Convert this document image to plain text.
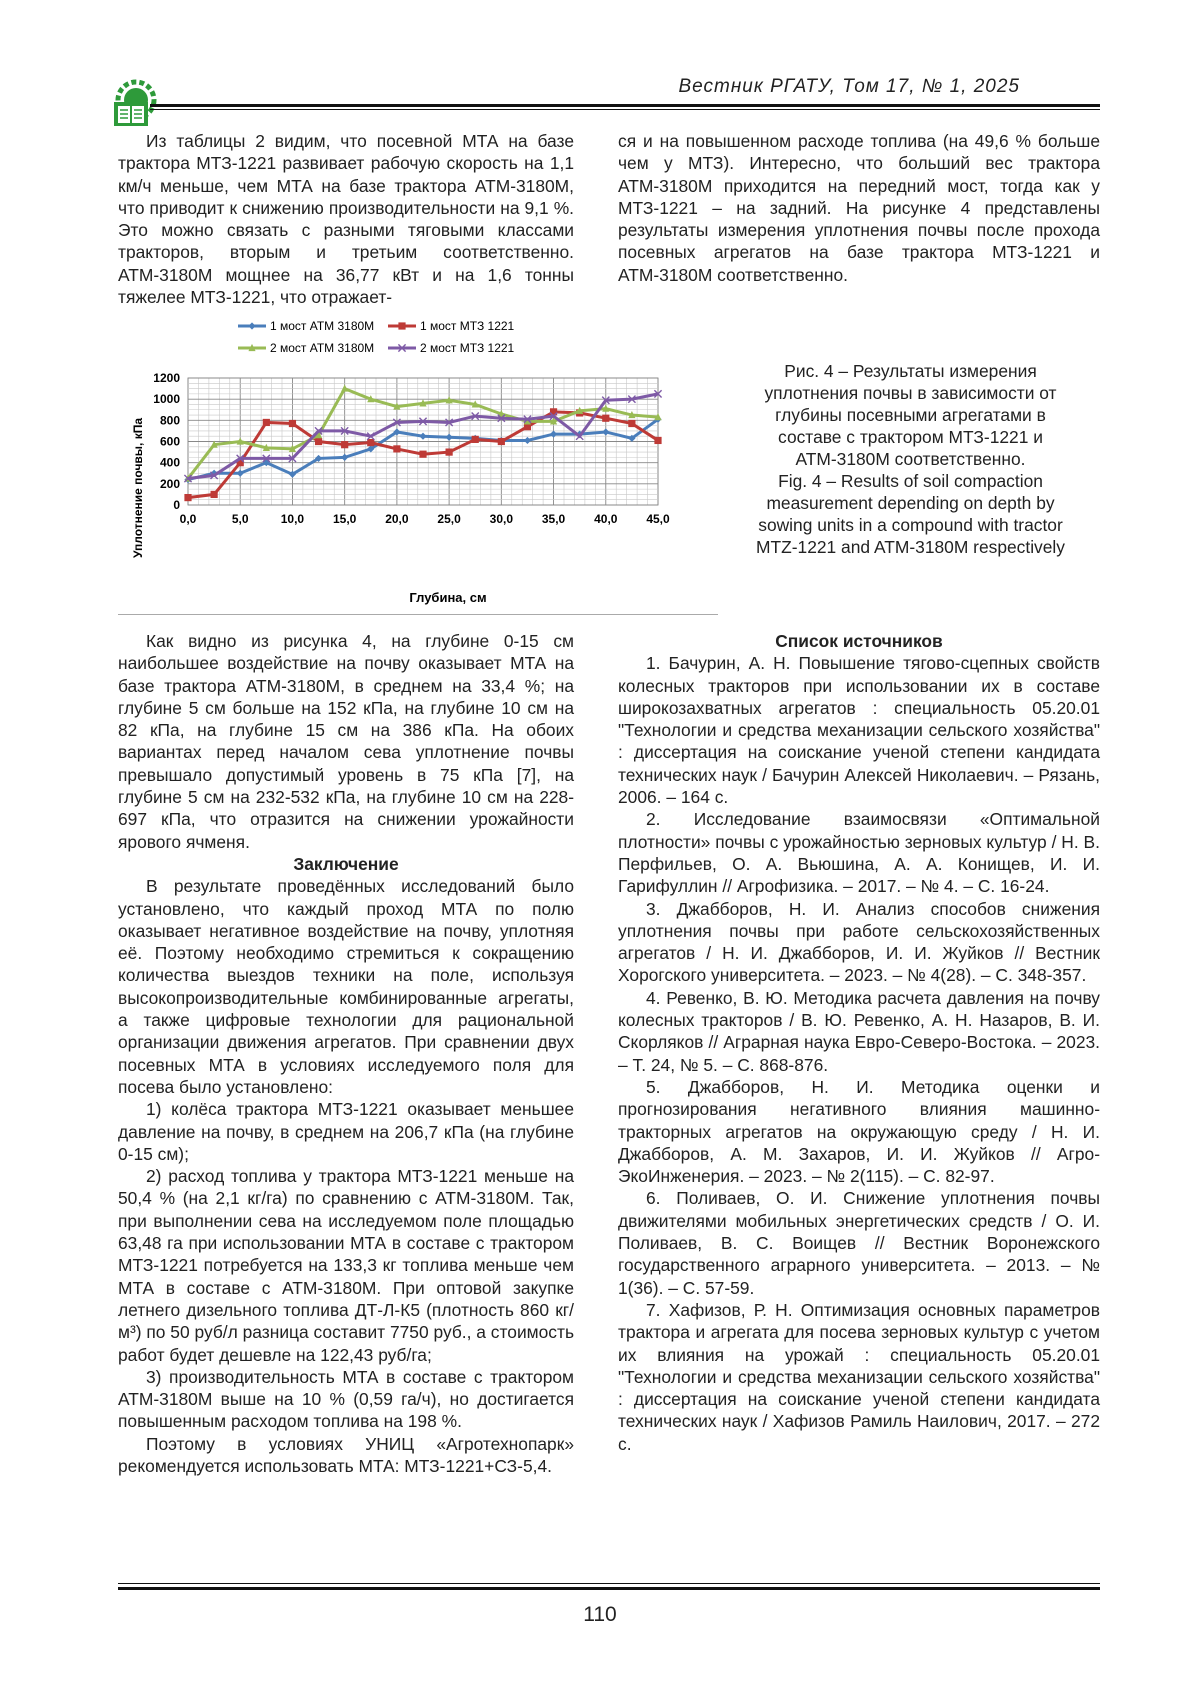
Вестник РГАТУ, Том 17, № 1, 2025

Из таблицы 2 видим, что посевной МТА на базе трактора МТЗ-1221 развивает рабочую скорость на 1,1 км/ч меньше, чем МТА на базе трактора АТМ-3180М, что приводит к снижению производительности на 9,1 %. Это можно связать с разными тяговыми классами тракторов, вторым и третьим соответственно. АТМ-3180М мощнее на 36,77 кВт и на 1,6 тонны тяжелее МТЗ-1221, что отражает-

ся и на повышенном расходе топлива (на 49,6 % больше чем у МТЗ). Интересно, что больший вес трактора АТМ-3180М приходится на передний мост, тогда как у МТЗ-1221 – на задний. На рисунке 4 представлены результаты измерения уплотнения почвы после прохода посевных агрегатов на базе трактора МТЗ-1221 и АТМ-3180М соответственно.

1 мост АТМ 3180М	1 мост МТЗ 1221
2 мост АТМ 3180М	2 мост МТЗ 1221
0,0	5,0	10,0 15,0 20,0 25,0 30,0 35,0 40,0 45,0
0
200
400
600
800
1000
1200
Глубина, см
Уплотнение почвы, кПа
Рис. 4 – Результаты измерения уплотнения почвы в зависимости от глубины посевными агрегатами в составе с трактором МТЗ-1221 и АТМ-3180М соответственно.
Fig. 4 – Results of soil compaction measurement depending on depth by sowing units in a compound with tractor MTZ-1221 and ATM-3180M respectively

Как видно из рисунка 4, на глубине 0-15 см наибольшее воздействие на почву оказывает МТА на базе трактора АТМ-3180М, в среднем на 33,4 %; на глубине 5 см больше на 152 кПа, на глубине 10 см на 82 кПа, на глубине 15 см на 386 кПа. На обоих вариантах перед началом сева уплотнение почвы превышало допустимый уровень в 75 кПа [7], на глубине 5 см на 232-532 кПа, на глубине 10 см на 228-697 кПа, что отразится на снижении урожайности ярового ячменя.

Заключение

В результате проведённых исследований было установлено, что каждый проход МТА по полю оказывает негативное воздействие на почву, уплотняя её. Поэтому необходимо стремиться к сокращению количества выездов техники на поле, используя высокопроизводительные комбинированные агрегаты, а также цифровые технологии для рациональной организации движения агрегатов. При сравнении двух посевных МТА в условиях исследуемого поля для посева было установлено:

1) колёса трактора МТЗ-1221 оказывает меньшее давление на почву, в среднем на 206,7 кПа (на глубине 0-15 см);

2) расход топлива у трактора МТЗ-1221 меньше на 50,4 % (на 2,1 кг/га) по сравнению с АТМ-3180М. Так, при выполнении сева на исследуемом поле площадью 63,48 га при использовании МТА в составе с трактором МТЗ-1221 потребуется на 133,3 кг топлива меньше чем МТА в составе с АТМ-3180М. При оптовой закупке летнего дизельного топлива ДТ-Л-К5 (плотность 860 кг/м³) по 50 руб/л разница составит 7750 руб., а стоимость работ будет дешевле на 122,43 руб/га;

3) производительность МТА в составе с трактором АТМ-3180М выше на 10 % (0,59 га/ч), но достигается повышенным расходом топлива на 198 %.

Поэтому в условиях УНИЦ «Агротехнопарк» рекомендуется использовать МТА: МТЗ-1221+СЗ-5,4.

Список источников

1. Бачурин, А. Н. Повышение тягово-сцепных свойств колесных тракторов при использовании их в составе широкозахватных агрегатов : специальность 05.20.01 "Технологии и средства механизации сельского хозяйства" : диссертация на соискание ученой степени кандидата технических наук / Бачурин Алексей Николаевич. – Рязань, 2006. – 164 с.

2. Исследование взаимосвязи «Оптимальной плотности» почвы с урожайностью зерновых культур / Н. В. Перфильев, О. А. Вьюшина, А. А. Конищев, И. И. Гарифуллин // Агрофизика. – 2017. – № 4. – С. 16-24.

3. Джабборов, Н. И. Анализ способов снижения уплотнения почвы при работе сельскохозяйственных агрегатов / Н. И. Джабборов, И. И. Жуйков // Вестник Хорогского университета. – 2023. – № 4(28). – С. 348-357.

4. Ревенко, В. Ю. Методика расчета давления на почву колесных тракторов / В. Ю. Ревенко, А. Н. Назаров, В. И. Скорляков // Аграрная наука Евро-Северо-Востока. – 2023. – Т. 24, № 5. – С. 868-876.

5. Джабборов, Н. И. Методика оценки и прогнозирования негативного влияния машинно-тракторных агрегатов на окружающую среду / Н. И. Джабборов, А. М. Захаров, И. И. Жуйков // Агро-ЭкоИнженерия. – 2023. – № 2(115). – С. 82-97.

6. Поливаев, О. И. Снижение уплотнения почвы движителями мобильных энергетических средств / О. И. Поливаев, В. С. Воищев // Вестник Воронежского государственного аграрного университета. – 2013. – № 1(36). – С. 57-59.

7. Хафизов, Р. Н. Оптимизация основных параметров трактора и агрегата для посева зерновых культур с учетом их влияния на урожай : специальность 05.20.01 "Технологии и средства механизации сельского хозяйства" : диссертация на соискание ученой степени кандидата технических наук / Хафизов Рамиль Наилович, 2017. – 272 с.

110
